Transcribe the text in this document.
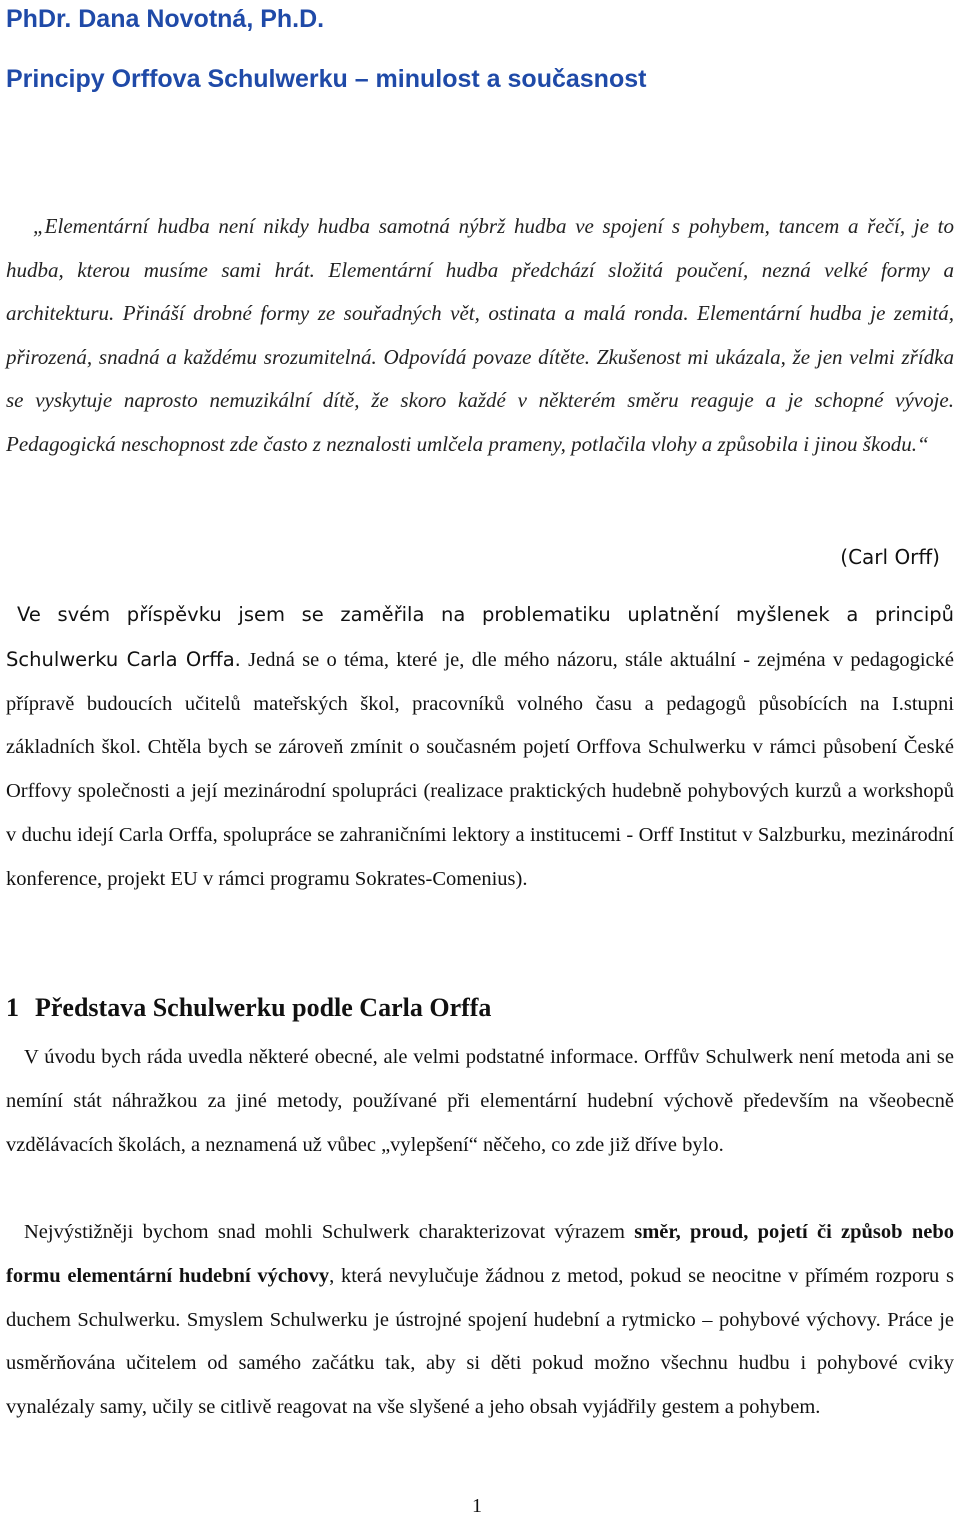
PhDr. Dana Novotná, Ph.D.
Principy Orffova Schulwerku – minulost a současnost
„Elementární hudba není nikdy hudba samotná nýbrž hudba ve spojení s pohybem, tancem a řečí, je to hudba, kterou musíme sami hrát. Elementární hudba předchází složitá poučení, nezná velké formy a architekturu. Přináší drobné formy ze souřadných vět, ostinata a malá ronda. Elementární hudba je zemitá, přirozená, snadná a každému srozumitelná. Odpovídá povaze dítěte. Zkušenost mi ukázala, že jen velmi zřídka se vyskytuje naprosto nemuzikální dítě, že skoro každé v některém směru reaguje a je schopné vývoje. Pedagogická neschopnost zde často z neznalosti umlčela prameny, potlačila vlohy a způsobila i jinou škodu.“
(Carl Orff)
Ve svém příspěvku jsem se zaměřila na problematiku uplatnění myšlenek a principů Schulwerku Carla Orffa. Jedná se o téma, které je, dle mého názoru, stále aktuální - zejména v pedagogické přípravě budoucích učitelů mateřských škol, pracovníků volného času a pedagogů působících na I.stupni základních škol. Chtěla bych se zároveň zmínit o současném pojetí Orffova Schulwerku v rámci působení České Orffovy společnosti a její mezinárodní spolupráci (realizace praktických hudebně pohybových kurzů a workshopů v duchu idejí Carla Orffa, spolupráce se zahraničními lektory a institucemi - Orff Institut v Salzburku, mezinárodní konference, projekt EU v rámci programu Sokrates-Comenius).
1 Představa Schulwerku podle Carla Orffa
V úvodu bych ráda uvedla některé obecné, ale velmi podstatné informace. Orffův Schulwerk není metoda ani se nemíní stát náhražkou za jiné metody, používané při elementární hudební výchově především na všeobecně vzdělávacích školách, a neznamená už vůbec „vylepšení“ něčeho, co zde již dříve bylo.
Nejvýstižněji bychom snad mohli Schulwerk charakterizovat výrazem směr, proud, pojetí či způsob nebo formu elementární hudební výchovy, která nevylučuje žádnou z metod, pokud se neocitne v přímém rozporu s duchem Schulwerku. Smyslem Schulwerku je ústrojné spojení hudební a rytmicko – pohybové výchovy. Práce je usměrňována učitelem od samého začátku tak, aby si děti pokud možno všechnu hudbu i pohybové cviky vynalézaly samy, učily se citlivě reagovat na vše slyšené a jeho obsah vyjádřily gestem a pohybem.
1
